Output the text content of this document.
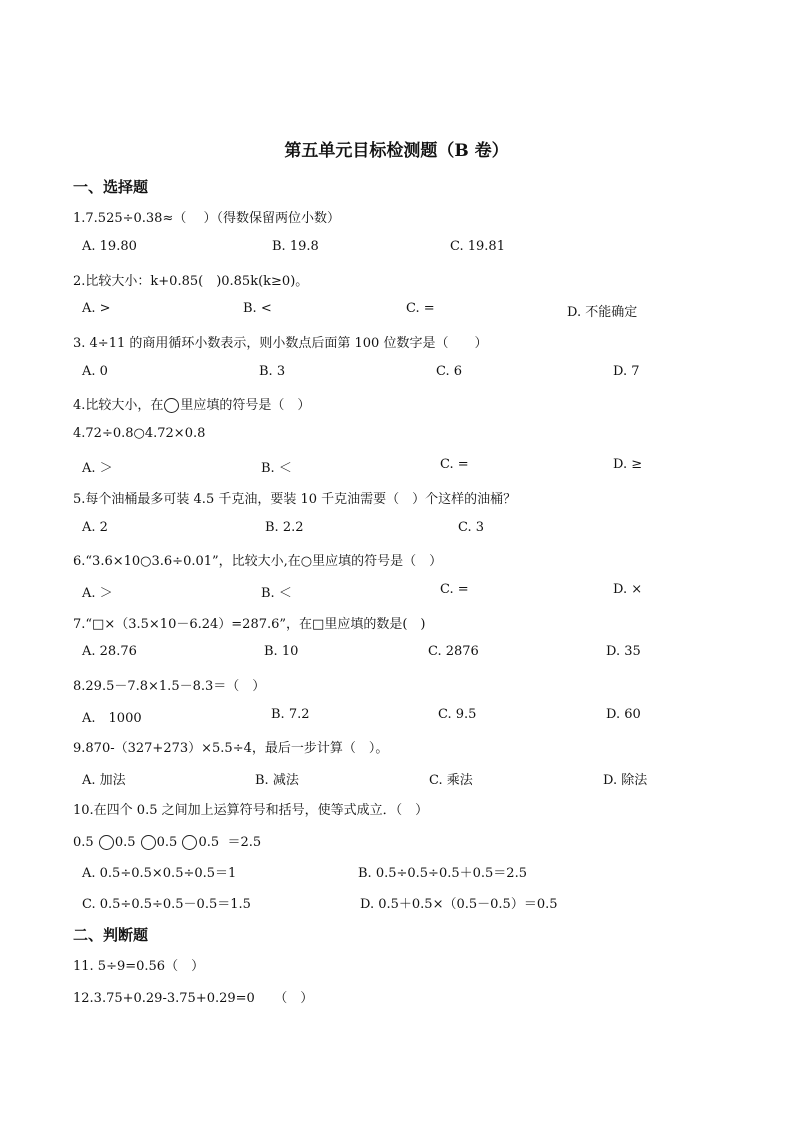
第五单元目标检测题（B 卷）
一、选择题
1.7.525÷0.38≈（　 ）（得数保留两位小数）
A. 19.80	B. 19.8	C. 19.81
2.比较大小：k+0.85(　)0.85k(k≥0)。
A. >	B. <	C. =	D. 不能确定
3. 4÷11 的商用循环小数表示，则小数点后面第 100 位数字是（　　）
A. 0	B. 3	C. 6	D. 7
4.比较大小，在 里应填的符号是（　）
4.72÷0.8○4.72×0.8
A. ＞	B. ＜	C. =	D. ≥
5.每个油桶最多可装 4.5 千克油，要装 10 千克油需要（　）个这样的油桶？
A. 2	B. 2.2	C. 3
6.“3.6×10○3.6÷0.01”，比较大小,在○里应填的符号是（　）
A. ＞	B. ＜	C. =	D. ×
7.“□×（3.5×10－6.24）=287.6”，在□里应填的数是(　)
A. 28.76	B. 10	C. 2876	D. 35
8.29.5－7.8×1.5－8.3＝（　）
A.　1000	B. 7.2	C. 9.5	D. 60
9.870-（327+273）×5.5÷4，最后一步计算（　）。
A. 加法	B. 减法	C. 乘法	D. 除法
10.在四个 0.5 之间加上运算符号和括号，使等式成立．（　）
0.5 0.5 0.5 0.5 ＝2.5
A. 0.5÷0.5×0.5÷0.5＝1	B. 0.5÷0.5÷0.5＋0.5＝2.5
C. 0.5÷0.5÷0.5－0.5＝1.5	D. 0.5＋0.5×（0.5－0.5）＝0.5
二、判断题
11. 5÷9=0.56（　）
12.3.75+0.29-3.75+0.29=0　　（　）
